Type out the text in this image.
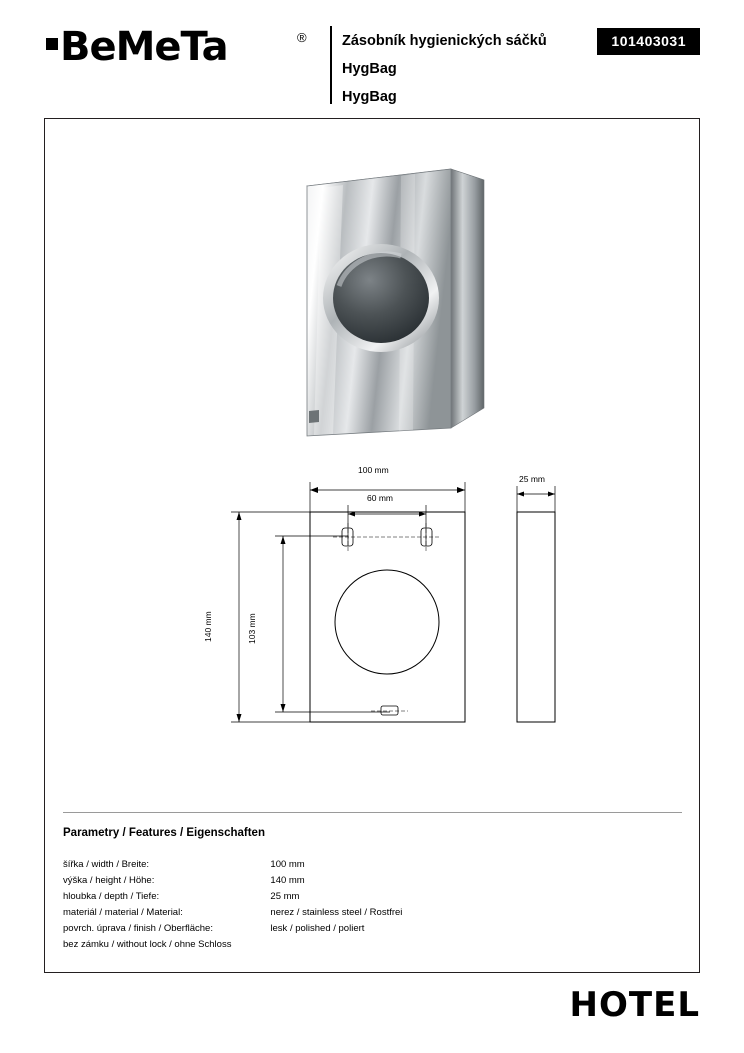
BeMeTa	® Zásobník hygienických sáčků
HygBag
HygBag
101403031
100 mm
60 mm
25 mm
140 mm	103 mm
Parametry / Features / Eigenschaften
šířka / width / Breite:	100 mm
výška / height / Höhe:	140 mm
hloubka / depth / Tiefe:	25 mm
materiál / material / Material:	nerez / stainless steel / Rostfrei
povrch. úprava / finish / Oberfläche:	lesk / polished / poliert
bez zámku / without lock / ohne Schloss	
HOTEL
